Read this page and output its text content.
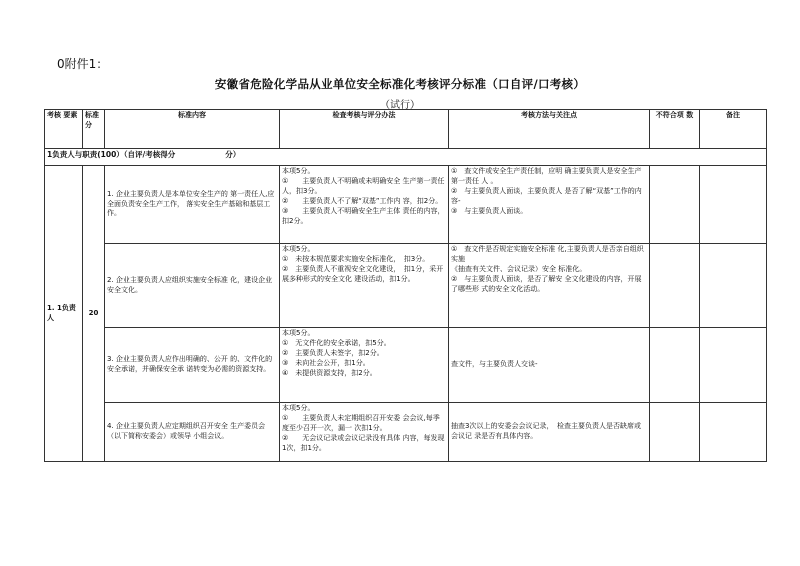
0附件1：
安徽省危险化学品从业单位安全标准化考核评分标准（口自评/口考核）
（试行）
考核 要素	标准分	标准内容	检查考核与评分办法	考核方法与关注点	不符合项 数	备注
1负责人与职责(100）（自评/考核得分 分）						
1. 1负责人	20	1. 企业主要负责人是本单位安全生产的 第一责任人,应全面负责安全生产工作， 落实安全生产基础和基层工作。	本项5分。
①　　主要负责人不明确或未明确安全 生产第一责任人，扣3分。
②　　主要负责人不了解“双基”工作内 容，扣2分。
③　　主要负责人不明确安全生产主体 责任的内容，扣2分。	①　查文件或安全生产责任制，应明 确主要负责人是安全生产第一责任 人 。
②　与主要负责人面谈，主要负责人 是否了解“双基”工作的内容-
③　与主要负责人面谈。		

		2. 企业主要负责人应组织实施安全标准 化，建设企业安全文化。	本项5分。
①　未按本规范要求实施安全标准化，　扣3分。
②　主要负责人不重视安全文化建设，　扣1分，采开展多种形式的安全文化 建设活动，扣1分。	①　查文件是否规定实施安全标准 化,主要负责人是否亲自组织实施
《抽查有关文件、会议记录）安全 标准化。
②　与主要负责人面谈，是否了解安 全文化建设的内容，开展了哪些形 式的安全文化活动。		

		3. 企业主要负责人应作出明确的、公开 的、文件化的安全承诺，并确保安全承 诺转变为必需的资源支持。	本项5分。
①　无文件化的安全承诺，扣5分。
②　主要负责人未签字，扣2分。
③　未向社会公开，扣1分。
④　未提供资源支持，扣2分。	查文件，与主要负责人交谈-		

		4. 企业主要负责人应定期组织召开安全 生产委员会（以下简称安委会）或领导 小组会议。	本项5分。
①　　主要负责人未定期组织召开安委 会会议,每季度至少召开一次，漏一 次扣1分。
②　　无会议记录或会议记录没有具体 内容，每发现1次，扣1分。	抽查3次以上的安委会会议记录，　检查主要负责人是否缺席或会议记 录是否有具体内容。		
